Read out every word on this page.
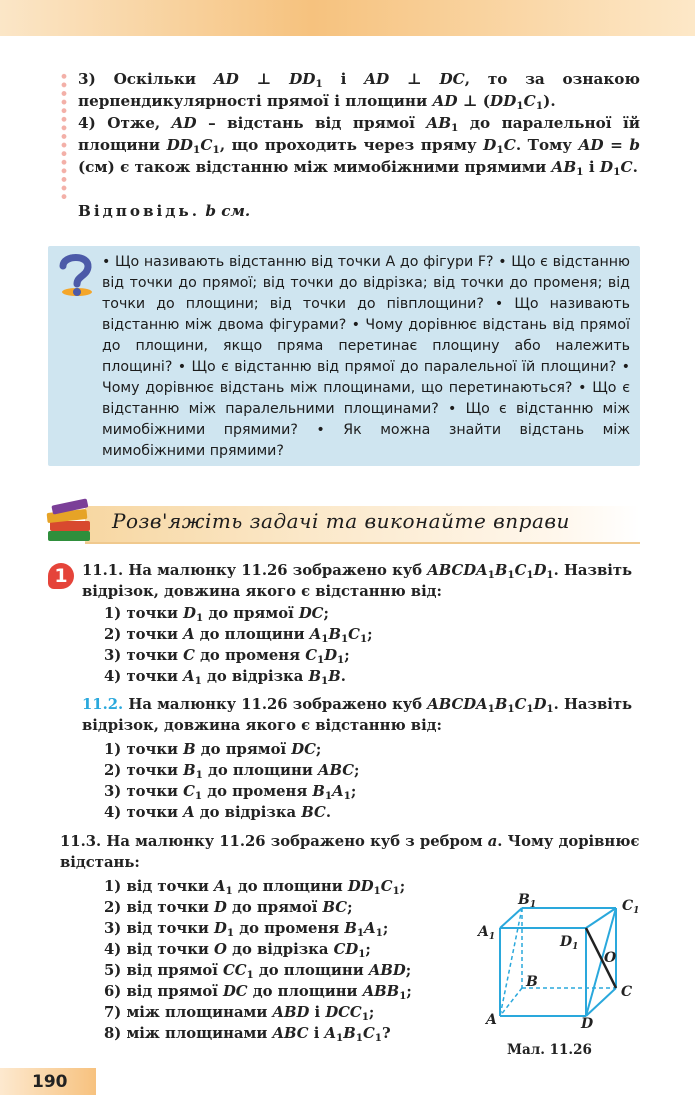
3) Оскільки AD ⊥ $DD_1$ і AD ⊥ DC, то за ознакою перпендикулярності прямої і площини AD ⊥ $(DD_1C_1)$.
4) Отже, AD – відстань від прямої $AB_1$ до паралельної їй площини $DD_1C_1$, що проходить через пряму $D_1C$. Тому AD = b (см) є також відстанню між мимобіжними прямими $AB_1$ і $D_1C$.
Відповідь. b см.
• Що називають відстанню від точки A до фігури F? • Що є відстанню від точки до прямої; від точки до відрізка; від точки до променя; від точки до площини; від точки до півплощини? • Що називають відстанню між двома фігурами? • Чому дорівнює відстань від прямої до площини, якщо пряма перетинає площину або належить площині? • Що є відстанню від прямої до паралельної їй площини? • Чому дорівнює відстань між площинами, що перетинаються? • Що є відстанню між паралельними площинами? • Що є відстанню між мимобіжними прямими? • Як можна знайти відстань між мимобіжними прямими?
Розв'яжіть задачі та виконайте вправи
1 11.1. На малюнку 11.26 зображено куб $ABCDA_1B_1C_1D_1$. Назвіть відрізок, довжина якого є відстанню від:
1) точки $D_1$ до прямої DC;
2) точки A до площини $A_1B_1C_1$;
3) точки C до променя $C_1D_1$;
4) точки $A_1$ до відрізка $B_1B$.
11.2. На малюнку 11.26 зображено куб $ABCDA_1B_1C_1D_1$. Назвіть відрізок, довжина якого є відстанню від:
1) точки B до прямої DC;
2) точки $B_1$ до площини ABC;
3) точки $C_1$ до променя $B_1A_1$;
4) точки A до відрізка BC.
11.3. На малюнку 11.26 зображено куб з ребром a. Чому дорівнює відстань:
1) від точки $A_1$ до площини $DD_1C_1$;
2) від точки D до прямої BC;
3) від точки $D_1$ до променя $B_1A_1$;
4) від точки O до відрізка $CD_1$;
5) від прямої $CC_1$ до площини ABD;
6) від прямої DC до площини $ABB_1$;
7) між площинами ABD і $DCC_1$;
8) між площинами ABC і $A_1B_1C_1$?
$B_1$	$C_1$
$A_1$	$D_1$
O
B
C
A	D
Мал. 11.26
190
